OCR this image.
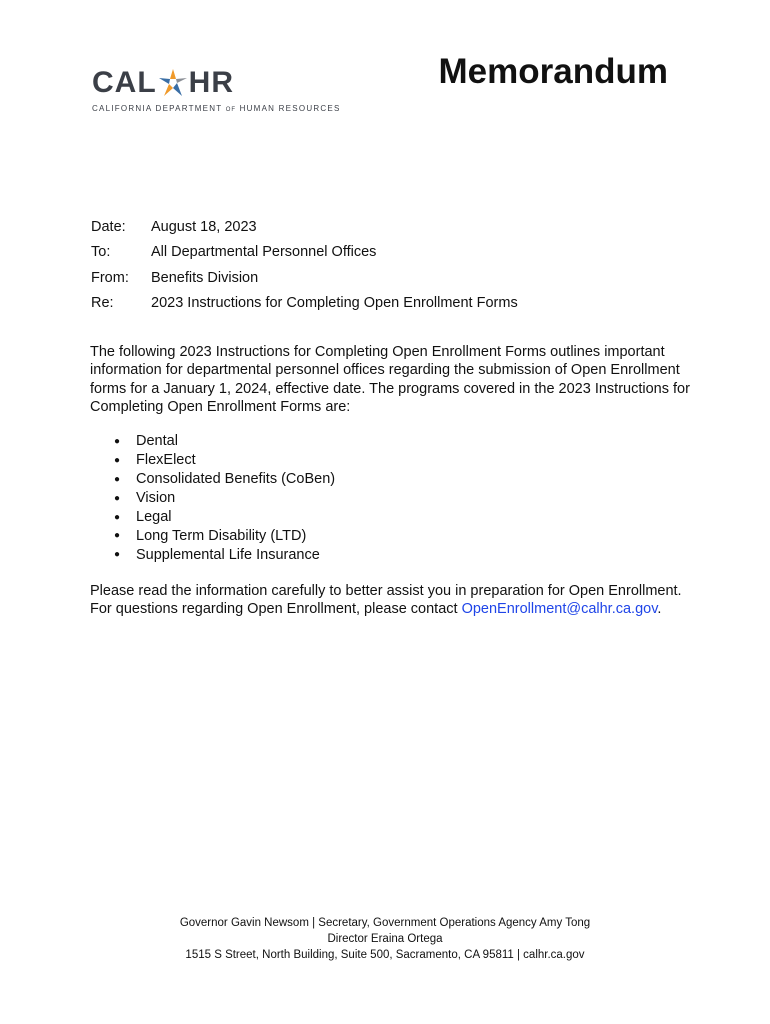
CAL HR
CALIFORNIA DEPARTMENT OF HUMAN RESOURCES
Memorandum
Date:	August 18, 2023
To:	All Departmental Personnel Offices
From:	Benefits Division
Re:	2023 Instructions for Completing Open Enrollment Forms

The following 2023 Instructions for Completing Open Enrollment Forms outlines important information for departmental personnel offices regarding the submission of Open Enrollment forms for a January 1, 2024, effective date. The programs covered in the 2023 Instructions for Completing Open Enrollment Forms are:

●	Dental
●	FlexElect
●	Consolidated Benefits (CoBen)
●	Vision
●	Legal
●	Long Term Disability (LTD)
●	Supplemental Life Insurance

Please read the information carefully to better assist you in preparation for Open Enrollment. For questions regarding Open Enrollment, please contact OpenEnrollment@calhr.ca.gov.

Governor Gavin Newsom | Secretary, Government Operations Agency Amy Tong
Director Eraina Ortega
1515 S Street, North Building, Suite 500, Sacramento, CA 95811 | calhr.ca.gov
